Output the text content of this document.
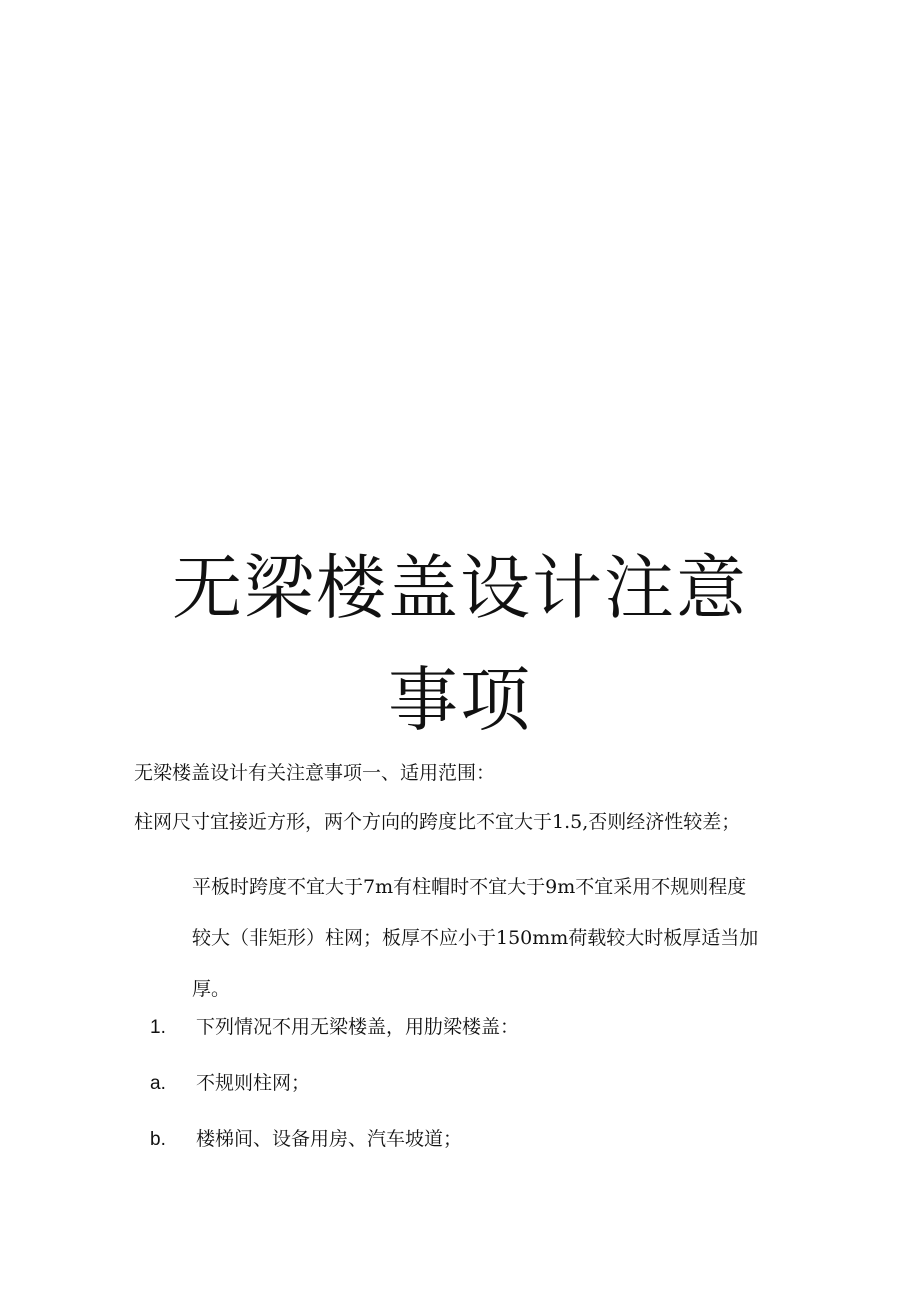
无梁楼盖设计注意
事项

无梁楼盖设计有关注意事项一、适用范围：

柱网尺寸宜接近方形，两个方向的跨度比不宜大于1.5,否则经济性较差；

平板时跨度不宜大于7m有柱帽时不宜大于9m不宜采用不规则程度
较大（非矩形）柱网；板厚不应小于150mm荷载较大时板厚适当加
厚。
1. 下列情况不用无梁楼盖，用肋梁楼盖：
a. 不规则柱网；
b. 楼梯间、设备用房、汽车坡道；
